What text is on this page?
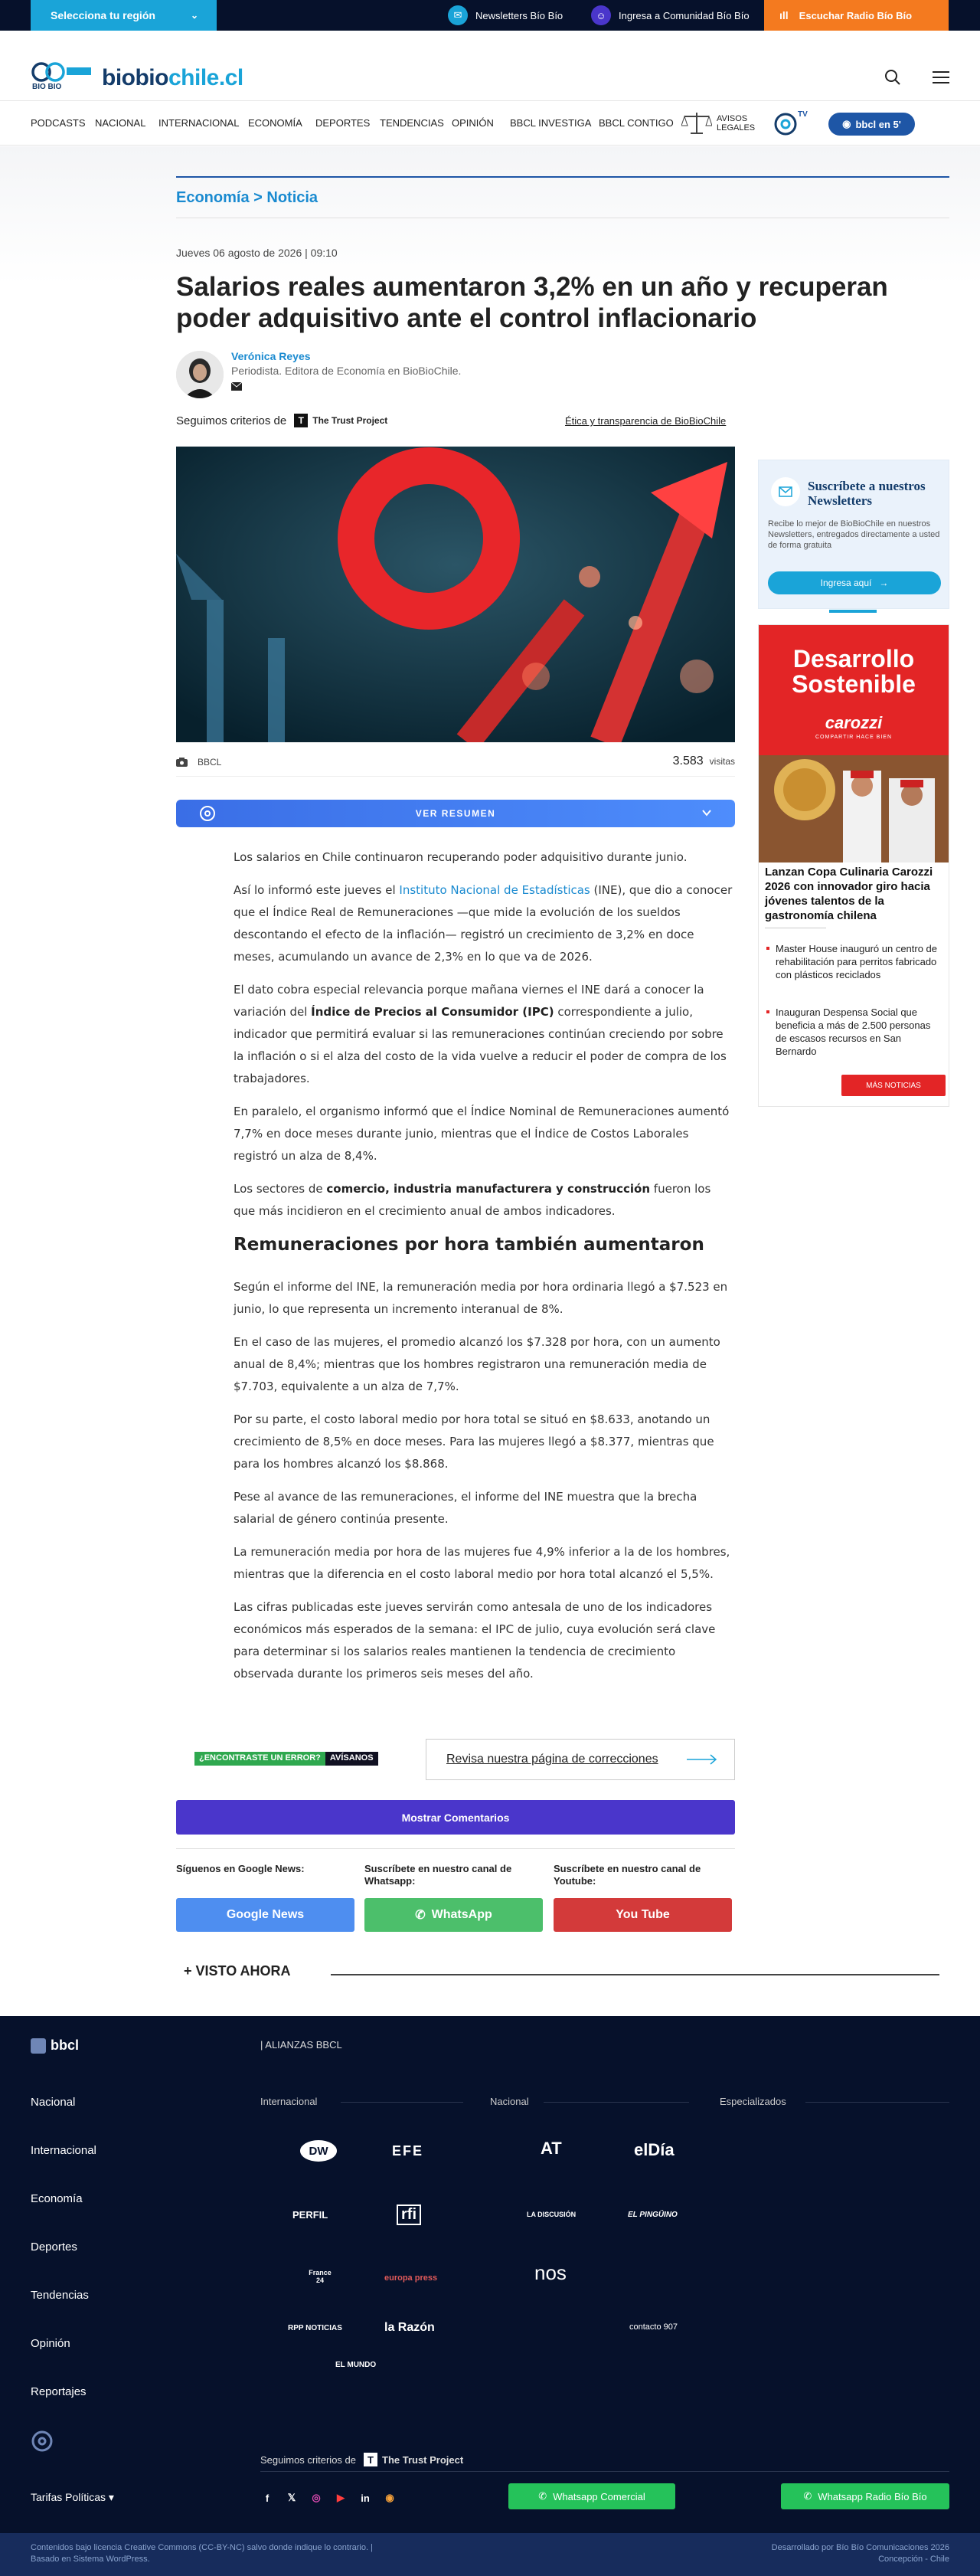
Selecciona tu región	⌄	✉	Newsletters Bío Bío	☺	Ingresa a Comunidad Bío Bío	ıll Escuchar Radio Bío Bío
BIO BIO biobiochile.cl
PODCASTS NACIONAL INTERNACIONAL ECONOMÍA DEPORTES TENDENCIAS OPINIÓN BBCL INVESTIGA BBCL CONTIGO	AVISOS
LEGALES
TV
◉ bbcl en 5'
Economía > Noticia
Jueves 06 agosto de 2026 | 09:10
Salarios reales aumentaron 3,2% en un año y recuperan poder adquisitivo ante el control inflacionario
Verónica Reyes
Periodista. Editora de Economía en BioBioChile.
Seguimos criterios de	T The Trust Project	Ética y transparencia de BioBioChile
BBCL	3.583 visitas
VER RESUMEN

Los salarios en Chile continuaron recuperando poder adquisitivo durante junio.

Así lo informó este jueves el Instituto Nacional de Estadísticas (INE), que dio a conocer que el Índice Real de Remuneraciones —que mide la evolución de los sueldos descontando el efecto de la inflación— registró un crecimiento de 3,2% en doce meses, acumulando un avance de 2,3% en lo que va de 2026.

El dato cobra especial relevancia porque mañana viernes el INE dará a conocer la variación del Índice de Precios al Consumidor (IPC) correspondiente a julio, indicador que permitirá evaluar si las remuneraciones continúan creciendo por sobre la inflación o si el alza del costo de la vida vuelve a reducir el poder de compra de los trabajadores.

En paralelo, el organismo informó que el Índice Nominal de Remuneraciones aumentó 7,7% en doce meses durante junio, mientras que el Índice de Costos Laborales registró un alza de 8,4%.

Los sectores de comercio, industria manufacturera y construcción fueron los que más incidieron en el crecimiento anual de ambos indicadores.

Remuneraciones por hora también aumentaron

Según el informe del INE, la remuneración media por hora ordinaria llegó a $7.523 en junio, lo que representa un incremento interanual de 8%.

En el caso de las mujeres, el promedio alcanzó los $7.328 por hora, con un aumento anual de 8,4%; mientras que los hombres registraron una remuneración media de $7.703, equivalente a un alza de 7,7%.

Por su parte, el costo laboral medio por hora total se situó en $8.633, anotando un crecimiento de 8,5% en doce meses. Para las mujeres llegó a $8.377, mientras que para los hombres alcanzó los $8.868.

Pese al avance de las remuneraciones, el informe del INE muestra que la brecha salarial de género continúa presente.

La remuneración media por hora de las mujeres fue 4,9% inferior a la de los hombres, mientras que la diferencia en el costo laboral medio por hora total alcanzó el 5,5%.

Las cifras publicadas este jueves servirán como antesala de uno de los indicadores económicos más esperados de la semana: el IPC de julio, cuya evolución será clave para determinar si los salarios reales mantienen la tendencia de crecimiento observada durante los primeros seis meses del año.

¿ENCONTRASTE UN ERROR?	AVÍSANOS	Revisa nuestra página de correcciones
Mostrar Comentarios
Síguenos en Google News:	Suscríbete en nuestro canal de Whatsapp:
Suscríbete en nuestro canal de Youtube:
Google News	✆ WhatsApp	You Tube
+ VISTO AHORA
Suscríbete a nuestros Newsletters
Recibe lo mejor de BioBioChile en nuestros Newsletters, entregados directamente a usted de forma gratuita
Ingresa aquí →
Desarrollo
Sostenible
carozzi
COMPARTIR HACE BIEN
Lanzan Copa Culinaria Carozzi 2026 con innovador giro hacia jóvenes talentos de la gastronomía chilena
Master House inauguró un centro de rehabilitación para perritos fabricado con plásticos reciclados
Inauguran Despensa Social que beneficia a más de 2.500 personas de escasos recursos en San Bernardo
MÁS NOTICIAS
bbcl	| ALIANZAS BBCL
Nacional
Internacional
Economía
Deportes
Tendencias
Opinión
Reportajes
Internacional	Nacional	Especializados
DW	EFE	AT	elDía
PERFIL	rfi	LA DISCUSIÓN	EL PINGÜINO
France 24	europa press	nos
RPP NOTICIAS	la Razón	contacto 907
EL MUNDO
Seguimos criterios de	T The Trust Project
Tarifas Políticas ▾	f	𝕏 ◎	▶	in ◉	✆ Whatsapp Comercial	✆ Whatsapp Radio Bío Bío
Contenidos bajo licencia Creative Commons (CC-BY-NC) salvo donde indique lo contrario. | Basado en Sistema WordPress.
Desarrollado por Bío Bío Comunicaciones 2026
Concepción - Chile
